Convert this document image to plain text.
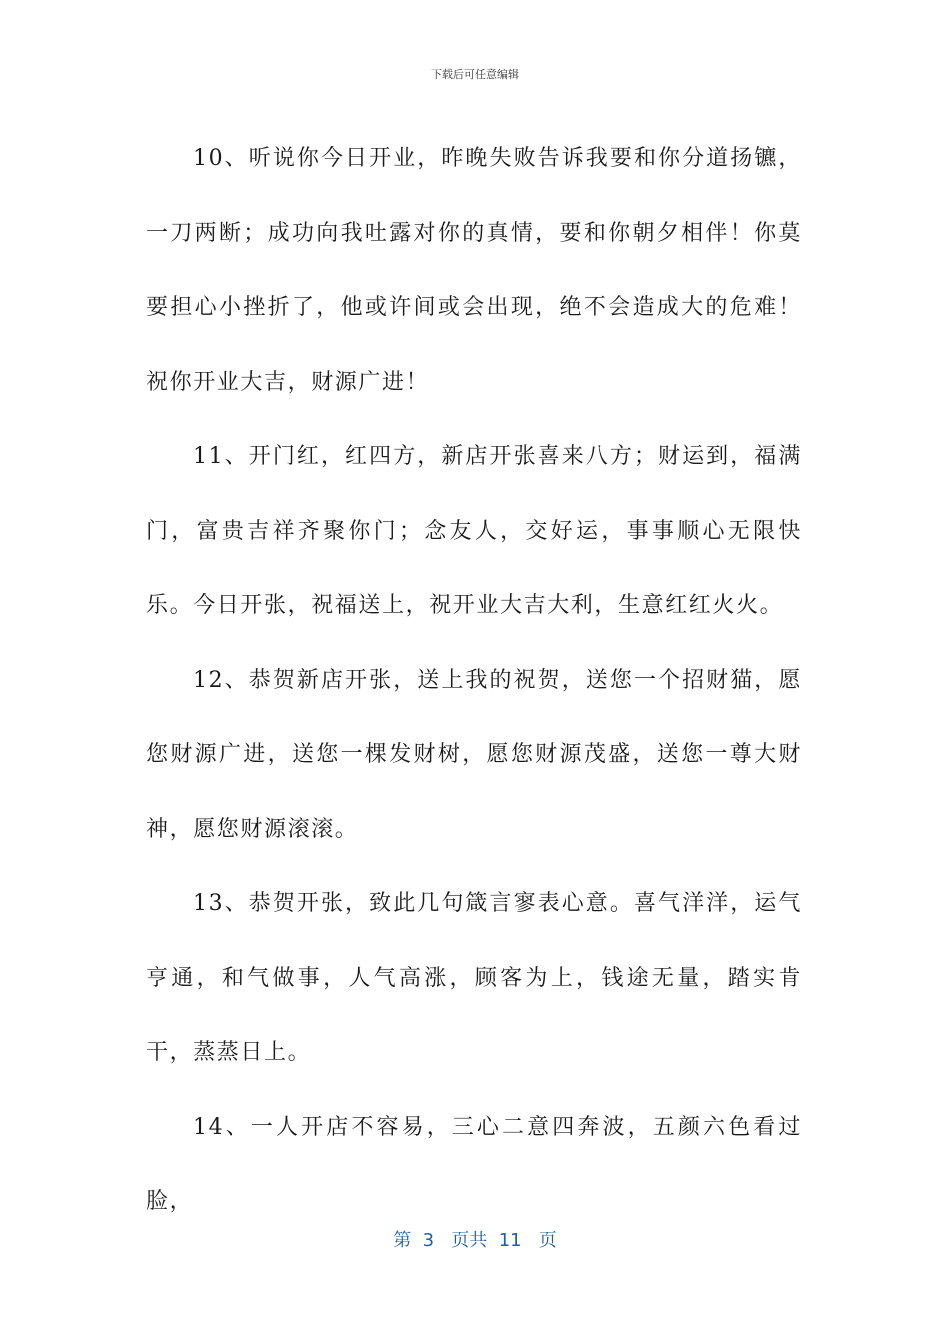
下载后可任意编辑

10、听说你今日开业，昨晚失败告诉我要和你分道扬镳，一刀两断；成功向我吐露对你的真情，要和你朝夕相伴！你莫要担心小挫折了，他或许间或会出现，绝不会造成大的危难！祝你开业大吉，财源广进！

11、开门红，红四方，新店开张喜来八方；财运到，福满门，富贵吉祥齐聚你门；念友人，交好运，事事顺心无限快乐。今日开张，祝福送上，祝开业大吉大利，生意红红火火。

12、恭贺新店开张，送上我的祝贺，送您一个招财猫，愿您财源广进，送您一棵发财树，愿您财源茂盛，送您一尊大财神，愿您财源滚滚。

13、恭贺开张，致此几句箴言寥表心意。喜气洋洋，运气亨通，和气做事，人气高涨，顾客为上，钱途无量，踏实肯干，蒸蒸日上。

14、一人开店不容易，三心二意四奔波，五颜六色看过脸，

第 3 页共 11 页
